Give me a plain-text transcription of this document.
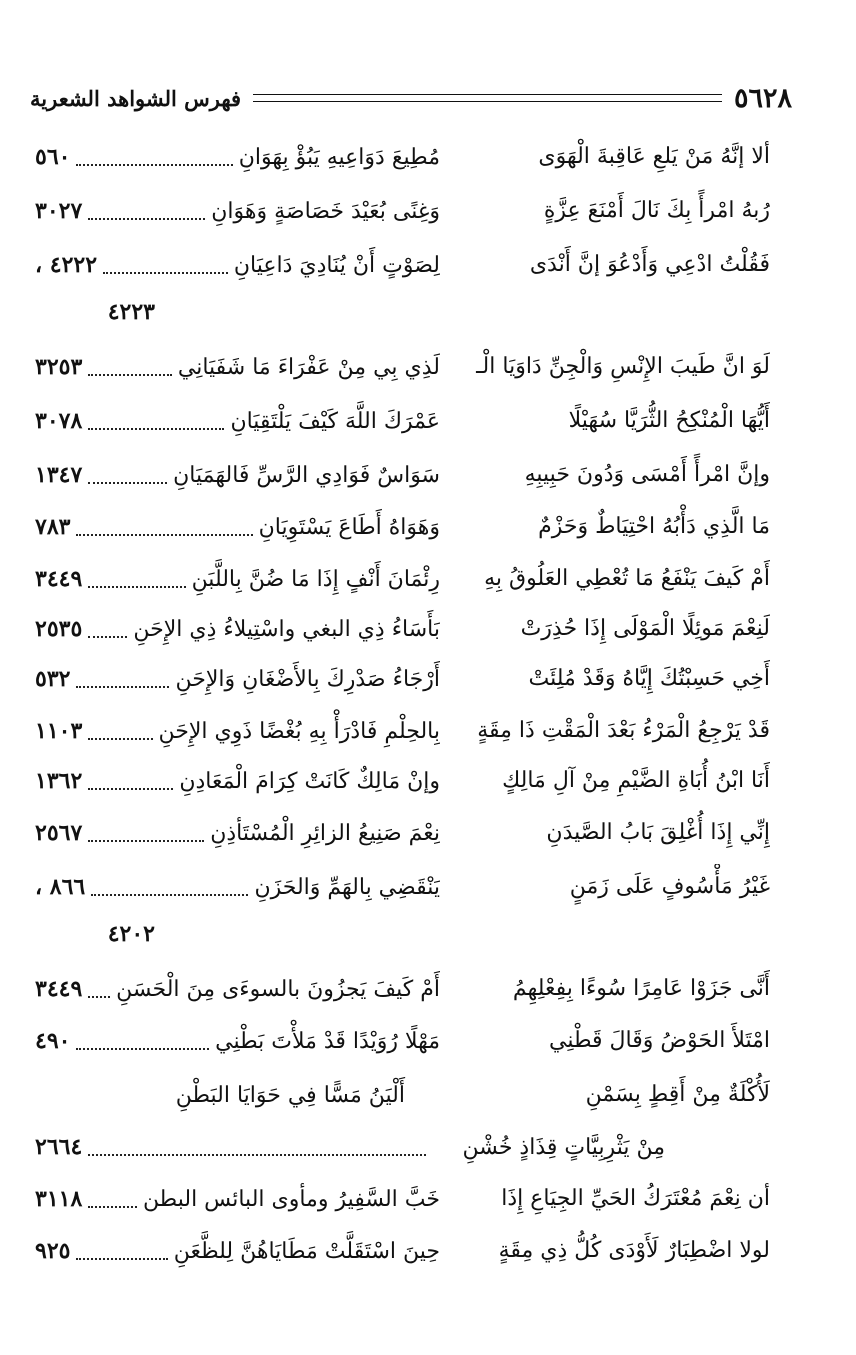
٥٦٢٨
فهرس الشواهد الشعرية
ألا إنَّهُ مَنْ يَلعِ عَاقِبةَ الْهَوَى
مُطِيعَ دَوَاعِيهِ يَبُؤْ بِهَوَانِ
٥٦٠
رُبهُ امْرأً بِكَ نَالَ أَمْنَعَ عِزَّةٍ
وَغِنًى بُعَيْدَ خَصَاصَةٍ وَهَوَانِ
٣٠٢٧
فَقُلْتُ ادْعِي وَأَدْعُوَ إنَّ أَنْدَى
لِصَوْتٍ أَنْ يُنَادِيَ دَاعِيَانِ
٤٢٢٢ ،
٤٢٢٣
لَوَ انَّ طَيبَ الإِنْسِ وَالْجِنِّ دَاوَيَا الْـ
لَذِي بِي مِنْ عَفْرَاءَ مَا شَفَيَانِي
٣٢٥٣
أَيُّهَا الْمُنْكِحُ الثُّرَيَّا سُهَيْلًا
عَمْرَكَ اللَّهَ كَيْفَ يَلْتَقِيَانِ
٣٠٧٨
وإنَّ امْرأً أَمْسَى وَدُونَ حَبِيبِهِ
سَوَاسٌ فَوَادِي الرَّسِّ فَالهَمَيَانِ
١٣٤٧
مَا الَّذِي دَأْبُهُ احْتِيَاطٌ وَحَزْمٌ
وَهَوَاهُ أَطَاعَ يَسْتَوِيَانِ
٧٨٣
أَمْ كَيفَ يَنْفَعُ مَا تُعْطِي العَلُوقُ بِهِ
رِئْمَانَ أَنْفٍ إِذَا مَا ضُنَّ بِاللَّبَنِ
٣٤٤٩
لَنِعْمَ مَوئِلًا الْمَوْلَى إِذَا حُذِرَتْ
بَأَسَاءُ ذِي البغي واسْتِيلاءُ ذِي الإِحَنِ
٢٥٣٥
أَخِي حَسِبْتُكَ إِيَّاهُ وَقَدْ مُلِئَتْ
أَرْجَاءُ صَدْرِكَ بِالأَضْغَانِ وَالإِحَنِ
٥٣٢
قَدْ يَرْجِعُ الْمَرْءُ بَعْدَ الْمَقْتِ ذَا مِقَةٍ
بِالحِلْمِ فَادْرَأْ بِهِ بُغْضًا ذَوِي الإِحَنِ
١١٠٣
أَنَا ابْنُ أُبَاةِ الضَّيْمِ مِنْ آلِ مَالِكٍ
وإنْ مَالِكٌ كَانَتْ كِرَامَ الْمَعَادِنِ
١٣٦٢
إِنِّي إِذَا أُغْلِقَ بَابُ الصَّيدَنِ
نِعْمَ صَنِيعُ الزائِرِ الْمُسْتَأذِنِ
٢٥٦٧
غَيْرُ مَأْسُوفٍ عَلَى زَمَنٍ
يَنْقَضِي بِالهَمِّ وَالحَزَنِ
٨٦٦ ،
٤٢٠٢
أَنَّى جَزَوْا عَامِرًا سُوءًا بِفِعْلِهِمُ
أَمْ كَيفَ يَجزُونَ بالسوءَى مِنَ الْحَسَنِ
٣٤٤٩
امْتَلأَ الحَوْضُ وَقَالَ قَطْنِي
مَهْلًا رُوَيْدًا قَدْ مَلأْتَ بَطْنِي
٤٩٠
لَأُكْلَةٌ مِنْ أَقِطٍ بِسَمْنِ
أَلْيَنُ مَسًّا فِي حَوَايَا البَطْنِ
مِنْ يَثْرِبِيَّاتٍ قِذَاذٍ خُشْنِ
٢٦٦٤
أن نِعْمَ مُعْتَرَكُ الحَيِّ الجِيَاعِ إِذَا
خَبَّ السَّفِيرُ ومأوى البائس البطن
٣١١٨
لولا اضْطِبَارٌ لَأَوْدَى كُلُّ ذِي مِقَةٍ
حِينَ اسْتَقَلَّتْ مَطَايَاهُنَّ لِلظَّعَنِ
٩٢٥
